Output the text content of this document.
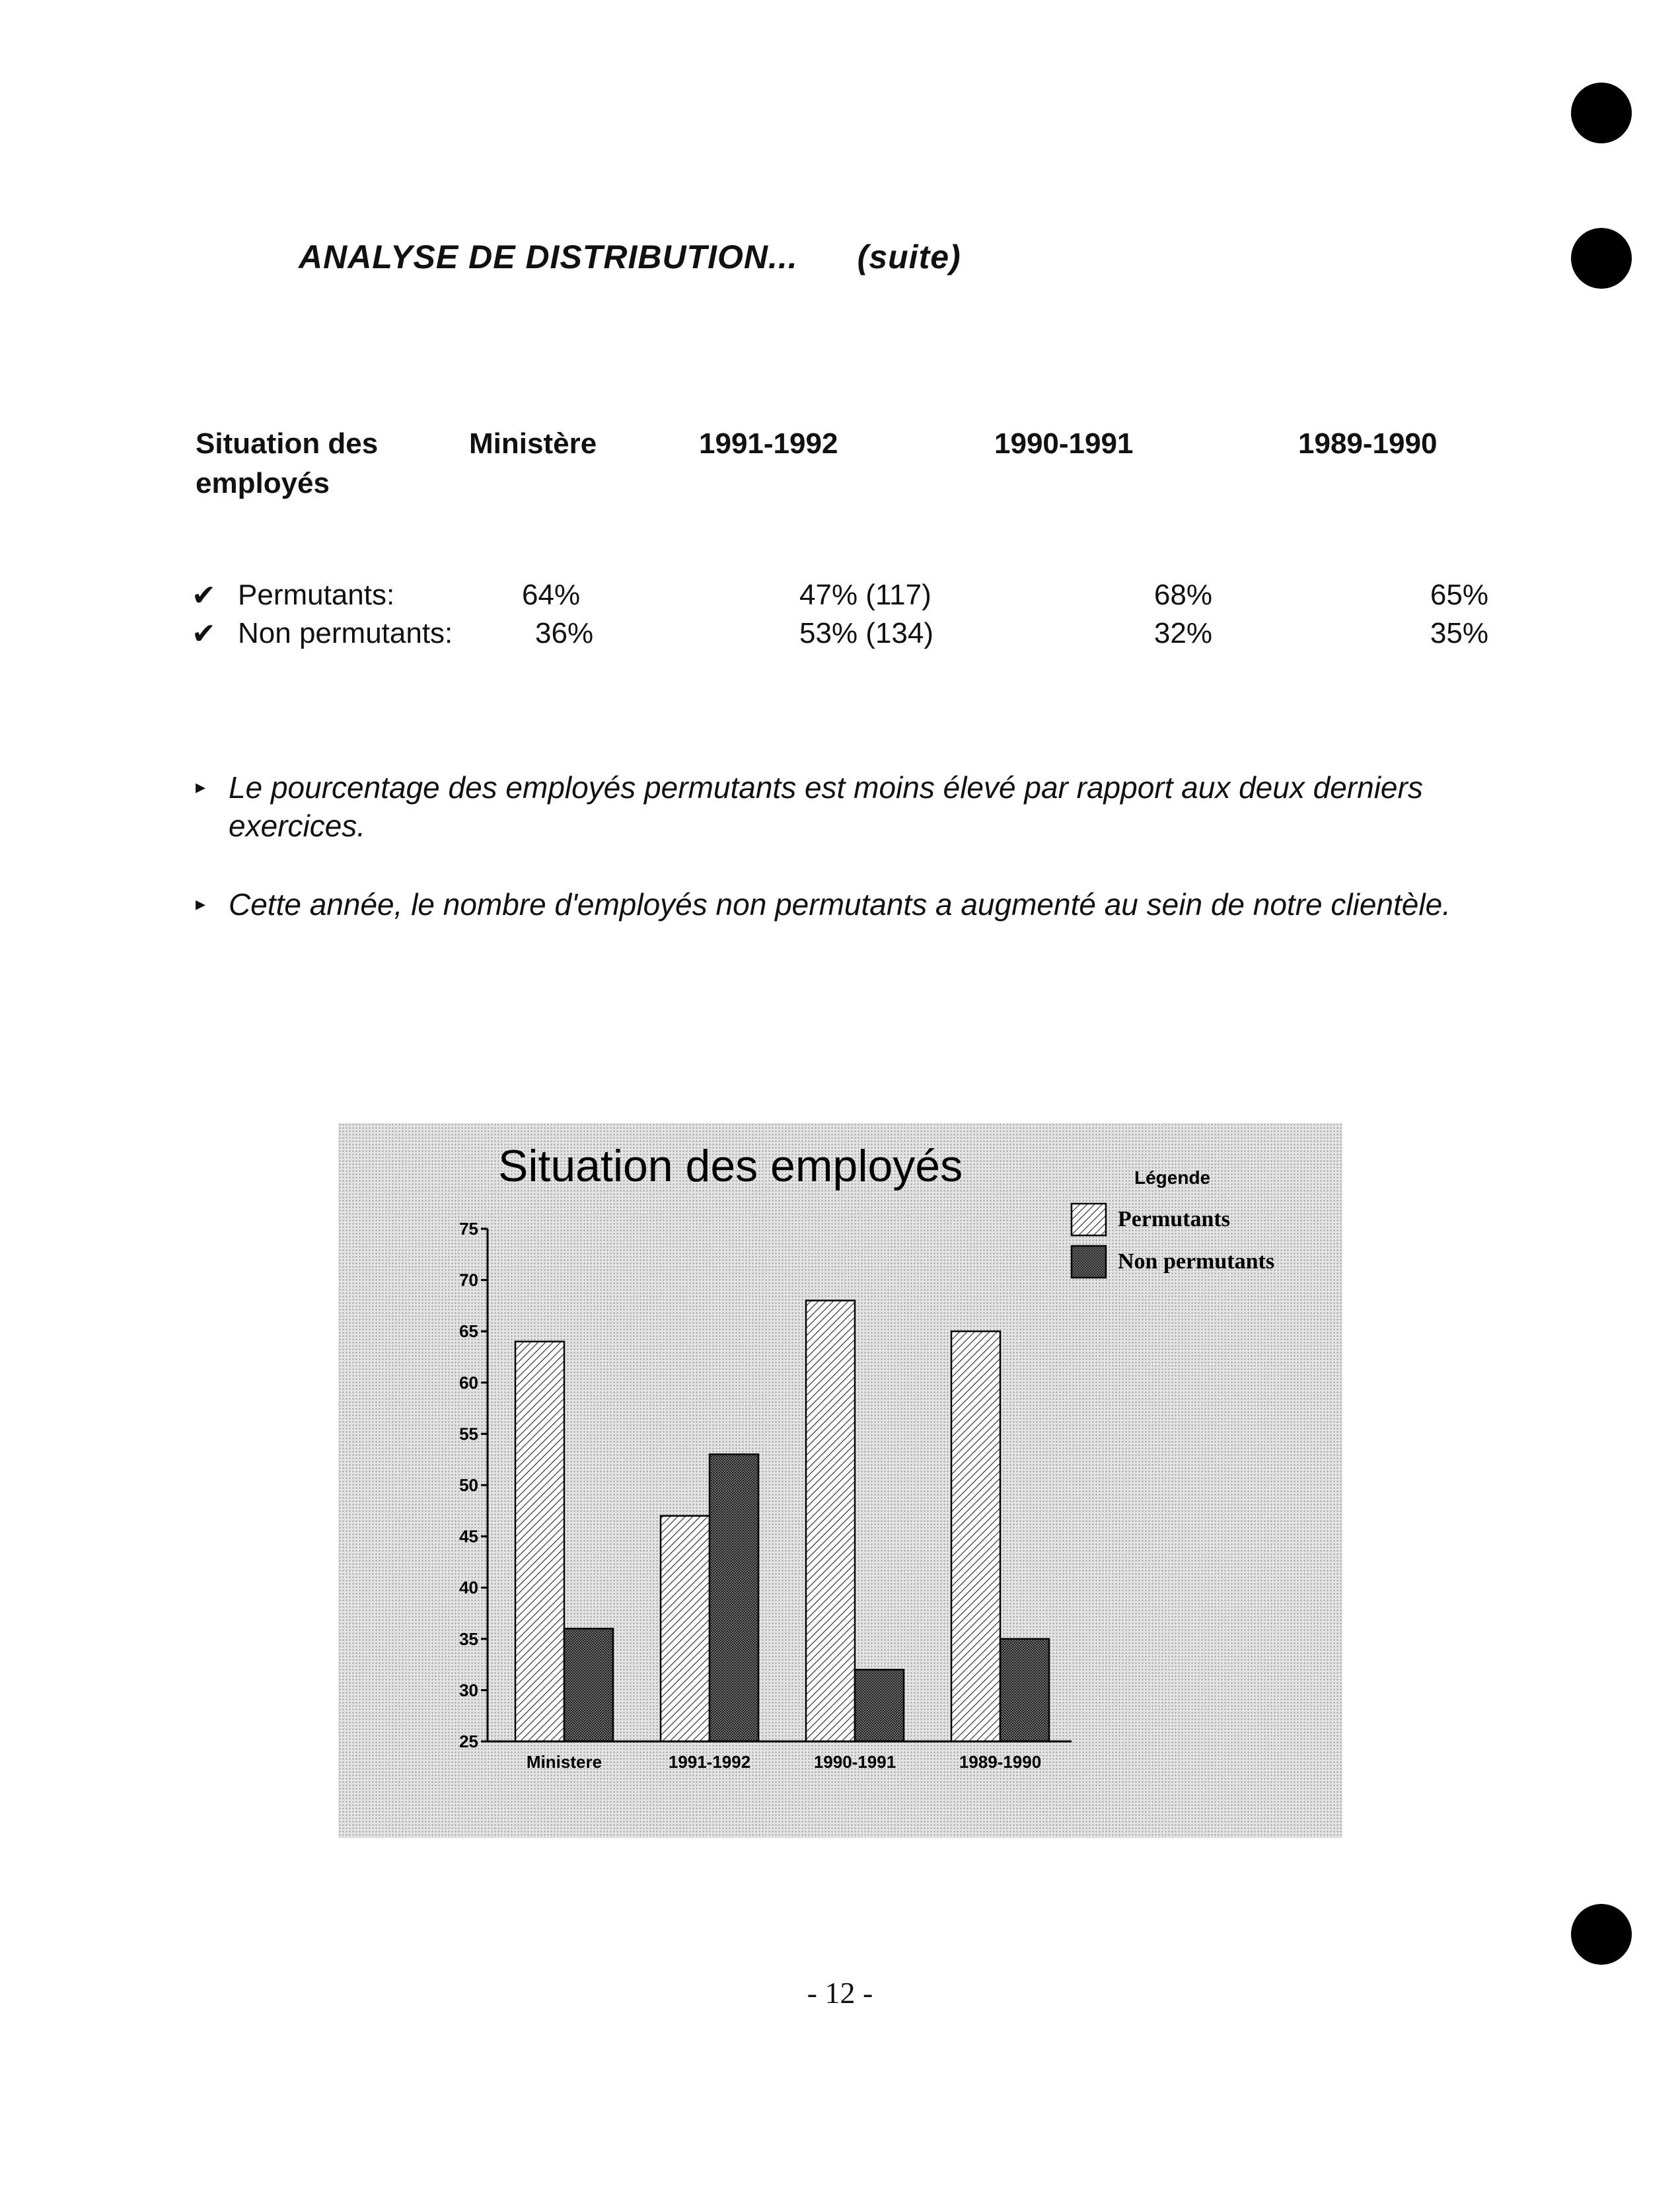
ANALYSE DE DISTRIBUTION... (suite)
Situation des employés
Ministère	1991-1992	1990-1991	1989-1990
✔ Permutants:	64%	47% (117)	68%	65%
✔ Non permutants:	36%	53% (134)	32%	35%
▸ Le pourcentage des employés permutants est moins élevé par rapport aux deux derniers exercices.
▸ Cette année, le nombre d'employés non permutants a augmenté au sein de notre clientèle.
Situation des employés	Légende
Permutants
Non permutants
75
70
65
60
55
50
45
40
35
30
25
Ministere	1991-1992	1990-1991	1989-1990
- 12 -
